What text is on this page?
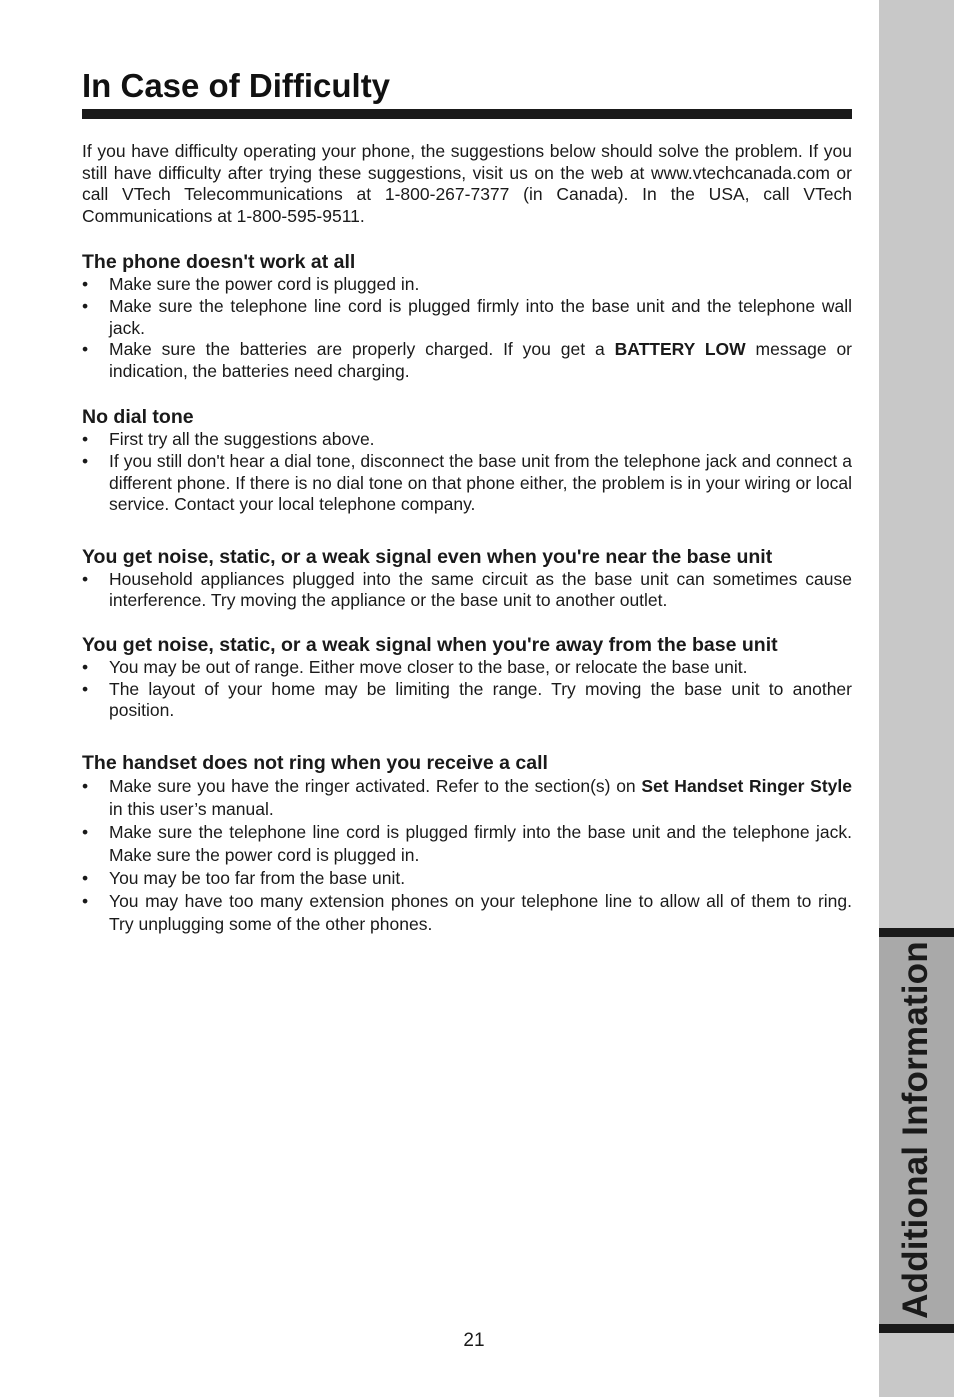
Additional Information
In Case of Difficulty

If you have difficulty operating your phone, the suggestions below should solve the problem. If you still have difficulty after trying these suggestions, visit us on the web at www.vtechcanada.com or call VTech Telecommunications at 1-800-267-7377 (in Canada). In the USA, call VTech Communications at 1-800-595-9511.

The phone doesn't work at all
• Make sure the power cord is plugged in.
• Make sure the telephone line cord is plugged firmly into the base unit and the telephone wall jack.
• Make sure the batteries are properly charged. If you get a BATTERY LOW message or indication, the batteries need charging.
No dial tone
• First try all the suggestions above.
• If you still don't hear a dial tone, disconnect the base unit from the telephone jack and connect a different phone. If there is no dial tone on that phone either, the problem is in your wiring or local service. Contact your local telephone company.
You get noise, static, or a weak signal even when you're near the base unit
• Household appliances plugged into the same circuit as the base unit can sometimes cause interference. Try moving the appliance or the base unit to another outlet.
You get noise, static, or a weak signal when you're away from the base unit
• You may be out of range. Either move closer to the base, or relocate the base unit.
• The layout of your home may be limiting the range. Try moving the base unit to another position.
The handset does not ring when you receive a call
• Make sure you have the ringer activated. Refer to the section(s) on Set Handset Ringer Style in this user’s manual.
• Make sure the telephone line cord is plugged firmly into the base unit and the telephone jack. Make sure the power cord is plugged in.
• You may be too far from the base unit.
• You may have too many extension phones on your telephone line to allow all of them to ring. Try unplugging some of the other phones.
21
